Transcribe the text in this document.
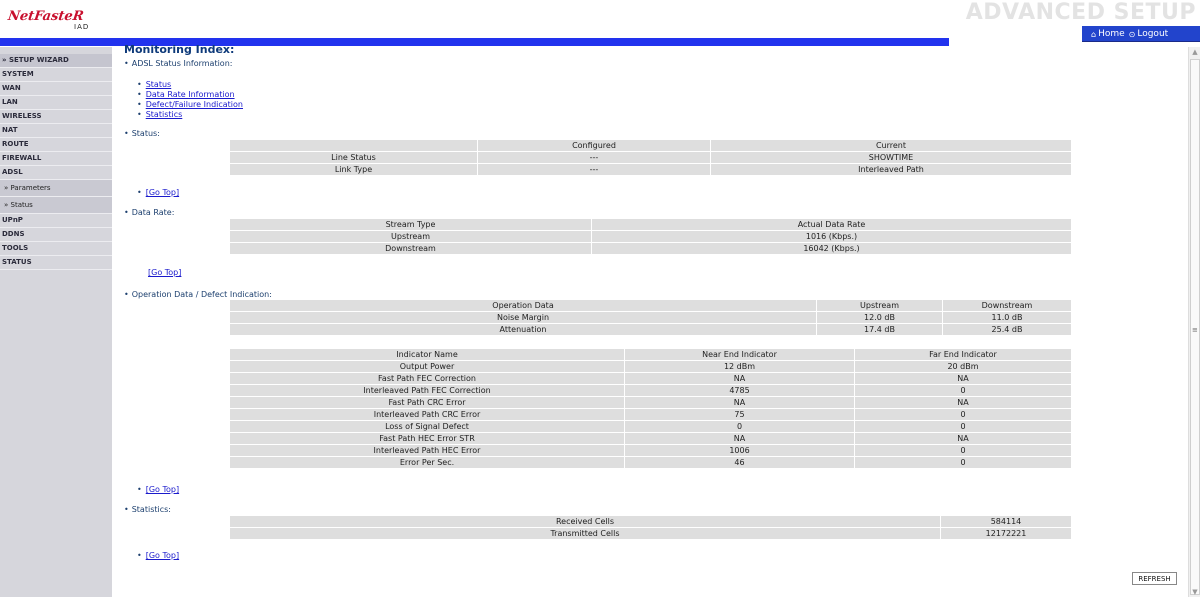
NetFasteR
IAD
ADVANCED SETUP
⌂ Home ⊙ Logout
» SETUP WIZARD
SYSTEM
WAN
LAN
WIRELESS
NAT
ROUTE
FIREWALL
ADSL
» Parameters
» Status
UPnP
DDNS
TOOLS
STATUS
▲
≡
▼
Monitoring Index:
• ADSL Status Information:
• Status
• Data Rate Information
• Defect/Failure Indication
• Statistics
• Status:
	Configured	Current
Line Status	---	SHOWTIME
Link Type	---	Interleaved Path
• [Go Top]
• Data Rate:
Stream Type	Actual Data Rate
Upstream	1016 (Kbps.)
Downstream	16042 (Kbps.)
[Go Top]
• Operation Data / Defect Indication:
Operation Data	Upstream	Downstream
Noise Margin	12.0 dB	11.0 dB
Attenuation	17.4 dB	25.4 dB
Indicator Name	Near End Indicator	Far End Indicator
Output Power	12 dBm	20 dBm
Fast Path FEC Correction	NA	NA
Interleaved Path FEC Correction	4785	0
Fast Path CRC Error	NA	NA
Interleaved Path CRC Error	75	0
Loss of Signal Defect	0	0
Fast Path HEC Error STR	NA	NA
Interleaved Path HEC Error	1006	0
Error Per Sec.	46	0
• [Go Top]
• Statistics:
Received Cells	584114
Transmitted Cells	12172221
• [Go Top]
REFRESH
